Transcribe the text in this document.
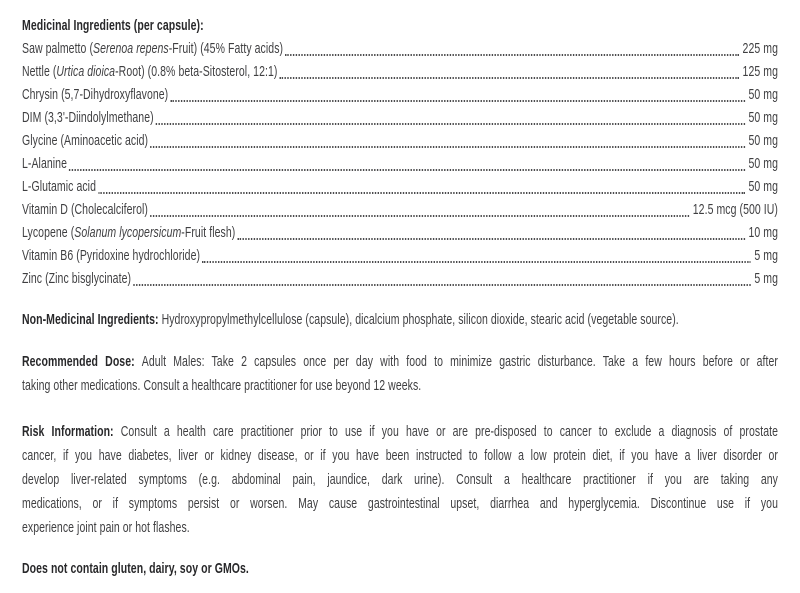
Medicinal Ingredients (per capsule):
Saw palmetto (Serenoa repens-Fruit) (45% Fatty acids)	225 mg
Nettle (Urtica dioica-Root) (0.8% beta-Sitosterol, 12:1)	125 mg
Chrysin (5,7-Dihydroxyflavone)	50 mg
DIM (3,3'-Diindolylmethane)	50 mg
Glycine (Aminoacetic acid)	50 mg
L-Alanine	50 mg
L-Glutamic acid	50 mg
Vitamin D (Cholecalciferol)	12.5 mcg (500 IU)
Lycopene (Solanum lycopersicum-Fruit flesh)	10 mg
Vitamin B6 (Pyridoxine hydrochloride)	5 mg
Zinc (Zinc bisglycinate)	5 mg
Non-Medicinal Ingredients: Hydroxypropylmethylcellulose (capsule), dicalcium phosphate, silicon dioxide, stearic acid (vegetable source).
Recommended Dose: Adult Males: Take 2 capsules once per day with food to minimize gastric disturbance. Take a few hours before or after
taking other medications. Consult a healthcare practitioner for use beyond 12 weeks.
Risk Information: Consult a health care practitioner prior to use if you have or are pre-disposed to cancer to exclude a diagnosis of prostate
cancer, if you have diabetes, liver or kidney disease, or if you have been instructed to follow a low protein diet, if you have a liver disorder or
develop liver-related symptoms (e.g. abdominal pain, jaundice, dark urine). Consult a healthcare practitioner if you are taking any
medications, or if symptoms persist or worsen. May cause gastrointestinal upset, diarrhea and hyperglycemia. Discontinue use if you
experience joint pain or hot flashes.
Does not contain gluten, dairy, soy or GMOs.
